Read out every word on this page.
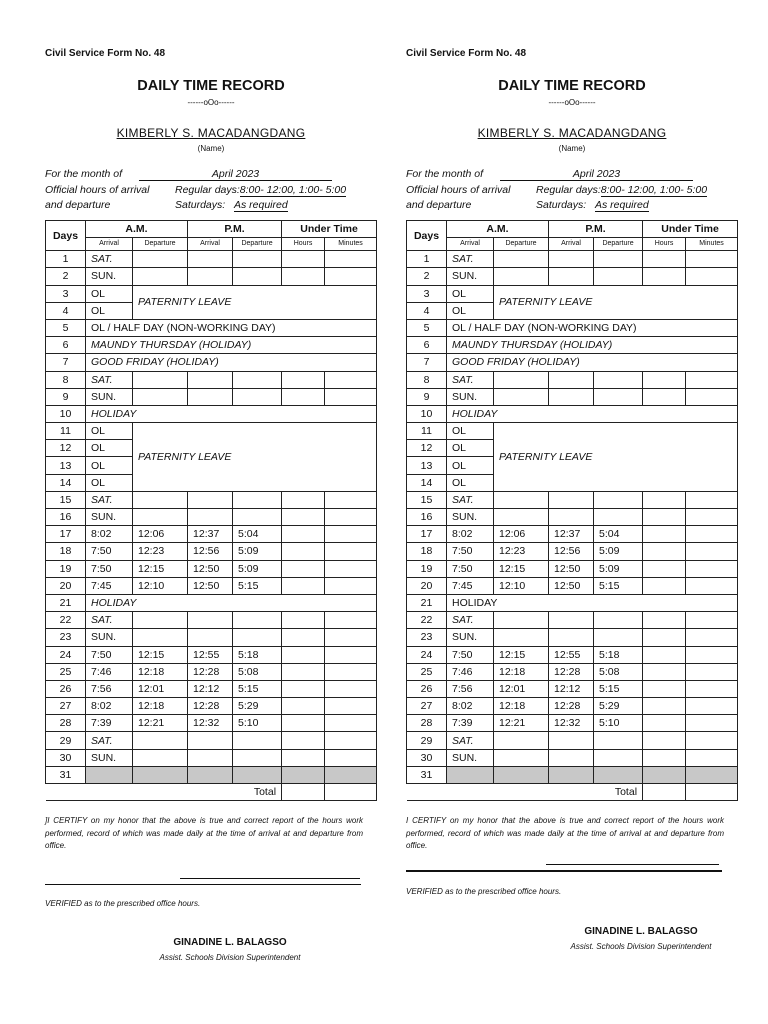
Civil Service Form No. 48
DAILY TIME RECORD
------oOo------
KIMBERLY S. MACADANGDANG
(Name)
For the month of	April 2023
Official hours of arrival Regular days:8:00- 12:00, 1:00- 5:00
and departure	Saturdays: As required
Days	A.M.		P.M.		Under Time	
	Arrival	Departure	Arrival	Departure	Hours	Minutes
1	SAT.					
2	SUN.					
3	OL	PATERNITY LEAVE				
4	OL					
5	OL / HALF DAY (NON-WORKING DAY)					
6	MAUNDY THURSDAY (HOLIDAY)					
7	GOOD FRIDAY (HOLIDAY)					
8	SAT.					
9	SUN.					
10	HOLIDAY					
11	OL	PATERNITY LEAVE				
12	OL					
13	OL					
14	OL					
15	SAT.					
16	SUN.					
17	8:02	12:06	12:37	5:04		
18	7:50	12:23	12:56	5:09		
19	7:50	12:15	12:50	5:09		
20	7:45	12:10	12:50	5:15		
21	HOLIDAY					
22	SAT.					
23	SUN.					
24	7:50	12:15	12:55	5:18		
25	7:46	12:18	12:28	5:08		
26	7:56	12:01	12:12	5:15		
27	8:02	12:18	12:28	5:29		
28	7:39	12:21	12:32	5:10		
29	SAT.					
30	SUN.					
31						
Total						
]I CERTIFY on my honor that the above is true and correct report of the hours work performed, record of which was made daily at the time of arrival at and departure from office.
VERIFIED as to the prescribed office hours.
GINADINE L. BALAGSO
Assist. Schools Division Superintendent
Civil Service Form No. 48
DAILY TIME RECORD
------oOo------
KIMBERLY S. MACADANGDANG
(Name)
For the month of	April 2023
Official hours of arrival Regular days:8:00- 12:00, 1:00- 5:00
and departure	Saturdays: As required
Days	A.M.		P.M.		Under Time	
	Arrival	Departure	Arrival	Departure	Hours	Minutes
1	SAT.					
2	SUN.					
3	OL	PATERNITY LEAVE				
4	OL					
5	OL / HALF DAY (NON-WORKING DAY)					
6	MAUNDY THURSDAY (HOLIDAY)					
7	GOOD FRIDAY (HOLIDAY)					
8	SAT.					
9	SUN.					
10	HOLIDAY					
11	OL	PATERNITY LEAVE				
12	OL					
13	OL					
14	OL					
15	SAT.					
16	SUN.					
17	8:02	12:06	12:37	5:04		
18	7:50	12:23	12:56	5:09		
19	7:50	12:15	12:50	5:09		
20	7:45	12:10	12:50	5:15		
21	HOLIDAY					
22	SAT.					
23	SUN.					
24	7:50	12:15	12:55	5:18		
25	7:46	12:18	12:28	5:08		
26	7:56	12:01	12:12	5:15		
27	8:02	12:18	12:28	5:29		
28	7:39	12:21	12:32	5:10		
29	SAT.					
30	SUN.					
31						
Total						
I CERTIFY on my honor that the above is true and correct report of the hours work performed, record of which was made daily at the time of arrival at and departure from office.
VERIFIED as to the prescribed office hours.
GINADINE L. BALAGSO
Assist. Schools Division Superintendent
